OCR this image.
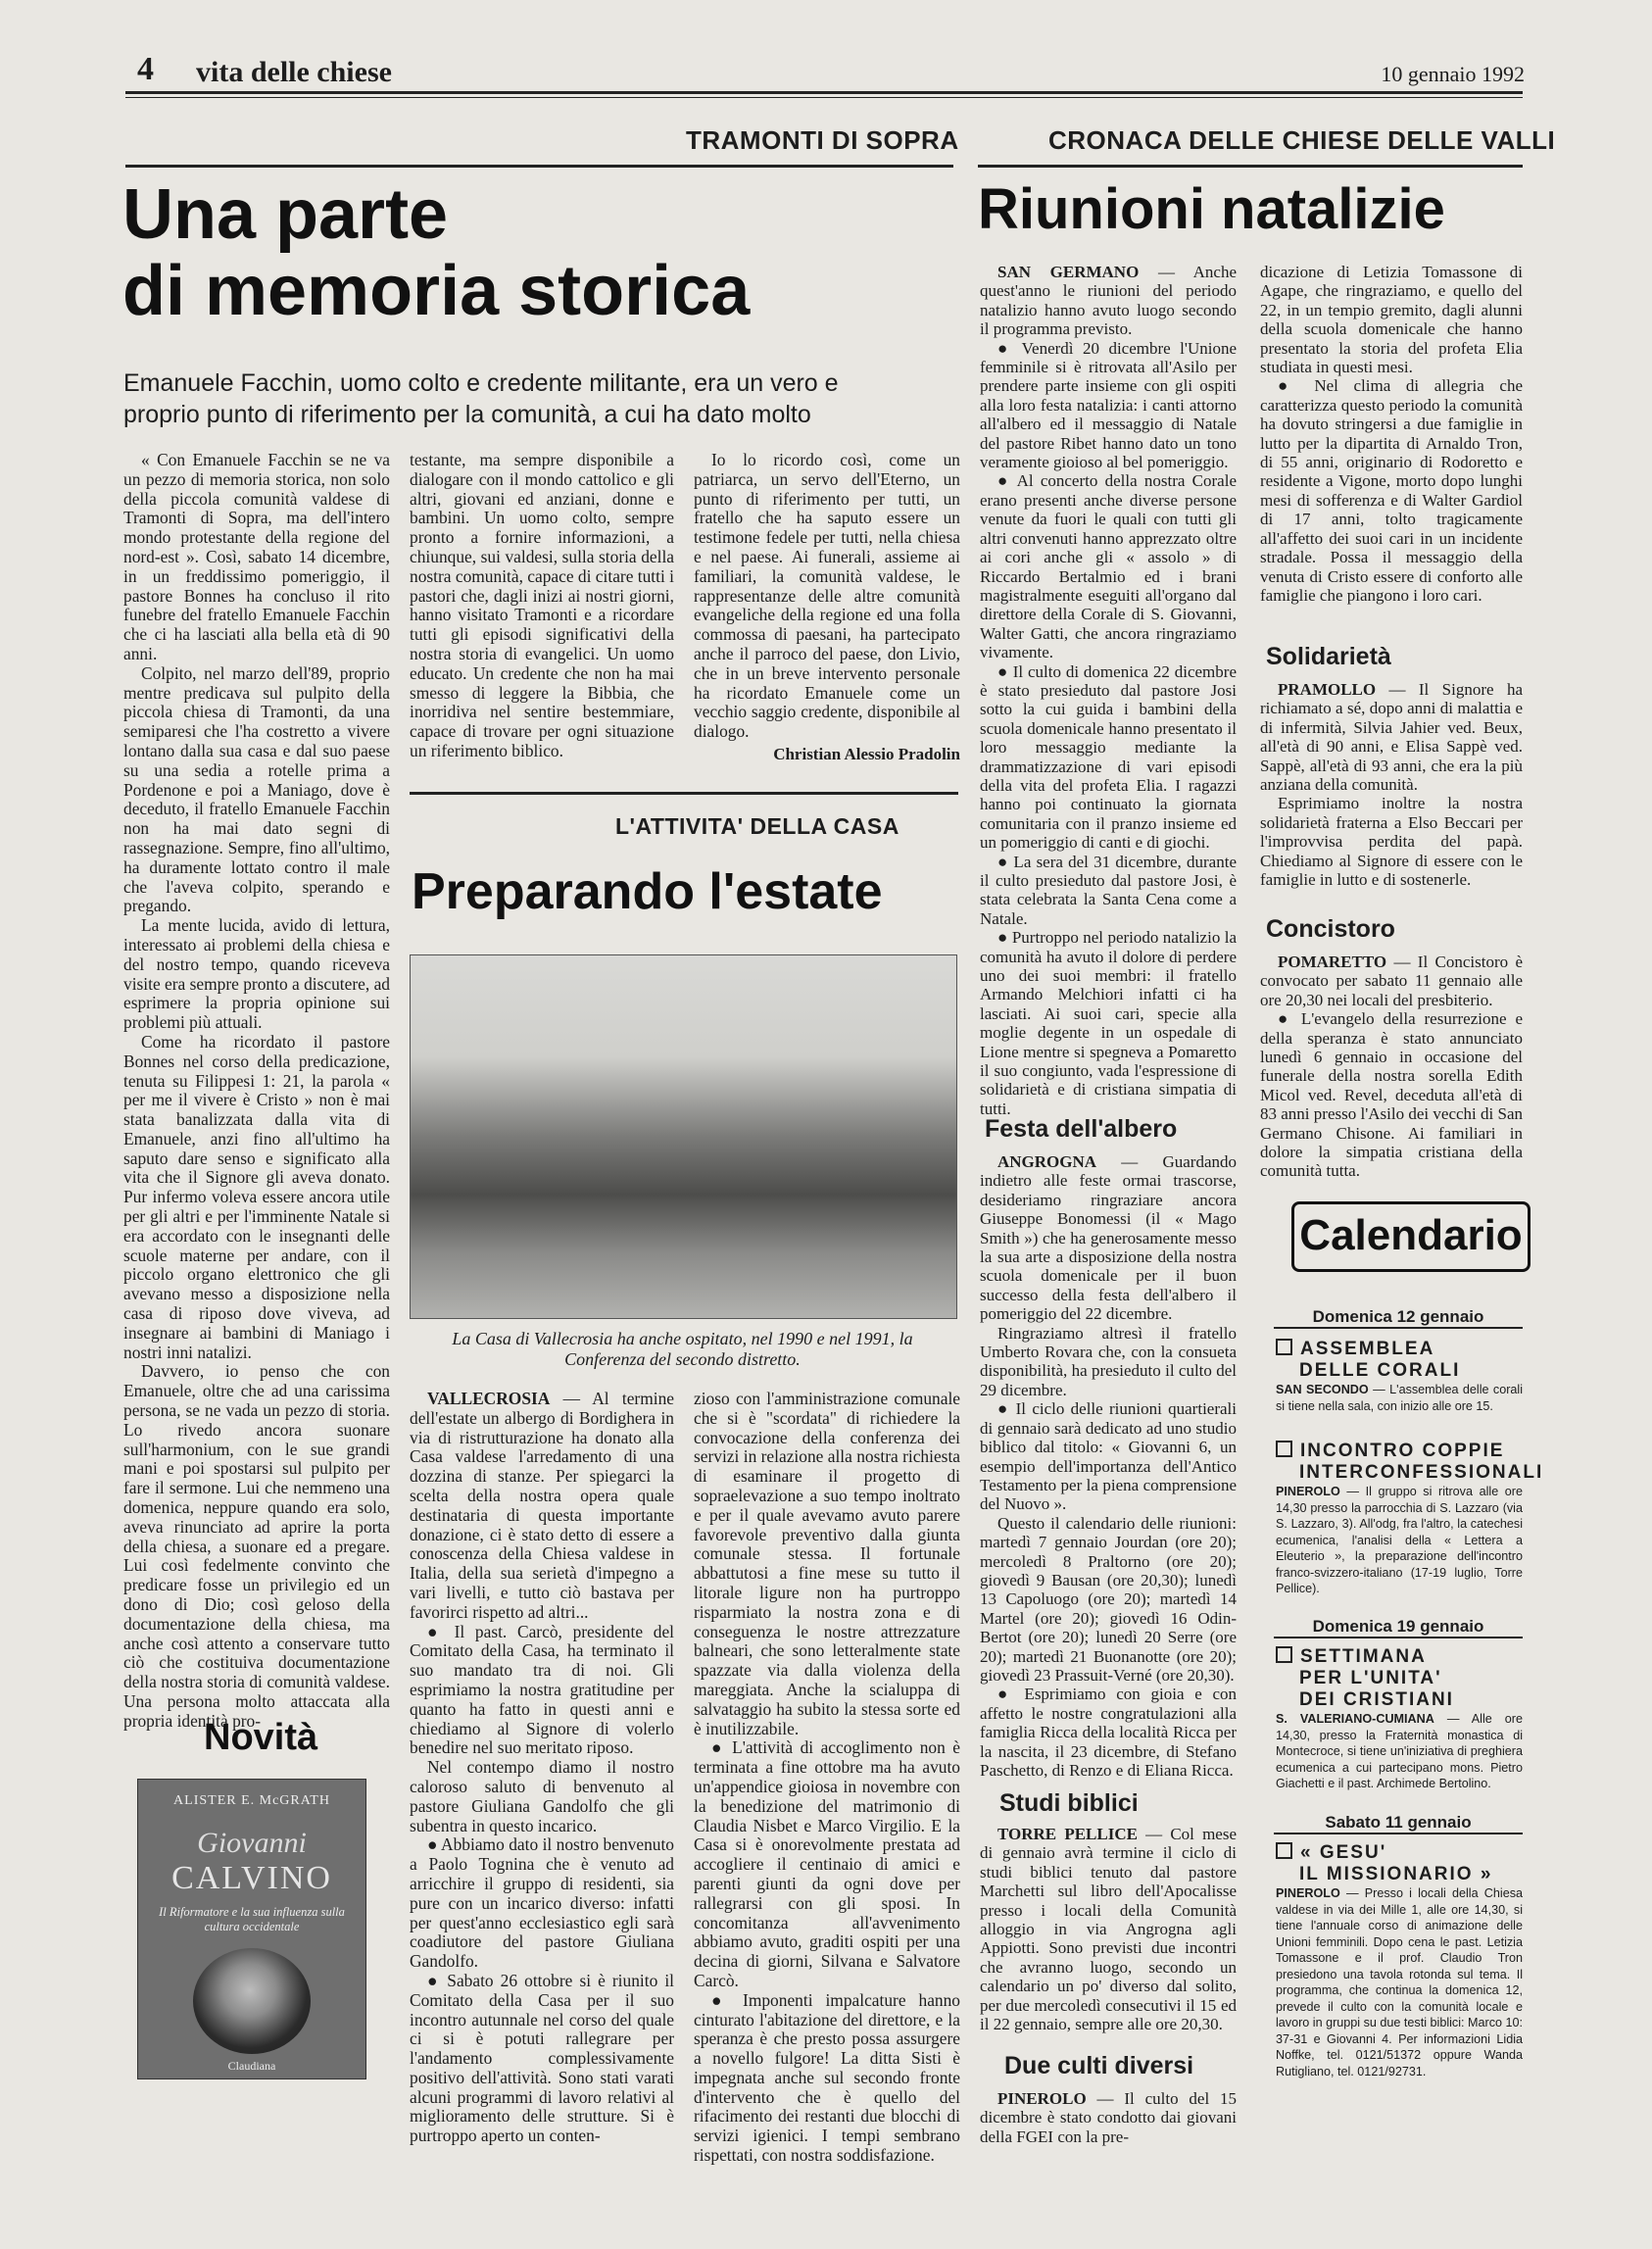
4 vita delle chiese	10 gennaio 1992
TRAMONTI DI SOPRA
Una parte
di memoria storica
Emanuele Facchin, uomo colto e credente militante, era un vero e
proprio punto di riferimento per la comunità, a cui ha dato molto

« Con Emanuele Facchin se ne va un pezzo di memoria storica, non solo della piccola comunità valdese di Tramonti di Sopra, ma dell'intero mondo protestante della regione del nord-est ». Così, sabato 14 dicembre, in un freddissimo pomeriggio, il pastore Bonnes ha concluso il rito funebre del fratello Emanuele Facchin che ci ha lasciati alla bella età di 90 anni.

Colpito, nel marzo dell'89, proprio mentre predicava sul pulpito della piccola chiesa di Tramonti, da una semiparesi che l'ha costretto a vivere lontano dalla sua casa e dal suo paese su una sedia a rotelle prima a Pordenone e poi a Maniago, dove è deceduto, il fratello Emanuele Facchin non ha mai dato segni di rassegnazione. Sempre, fino all'ultimo, ha duramente lottato contro il male che l'aveva colpito, sperando e pregando.

La mente lucida, avido di lettura, interessato ai problemi della chiesa e del nostro tempo, quando riceveva visite era sempre pronto a discutere, ad esprimere la propria opinione sui problemi più attuali.

Come ha ricordato il pastore Bonnes nel corso della predicazione, tenuta su Filippesi 1: 21, la parola « per me il vivere è Cristo » non è mai stata banalizzata dalla vita di Emanuele, anzi fino all'ultimo ha saputo dare senso e significato alla vita che il Signore gli aveva donato. Pur infermo voleva essere ancora utile per gli altri e per l'imminente Natale si era accordato con le insegnanti delle scuole materne per andare, con il piccolo organo elettronico che gli avevano messo a disposizione nella casa di riposo dove viveva, ad insegnare ai bambini di Maniago i nostri inni natalizi.

Davvero, io penso che con Emanuele, oltre che ad una carissima persona, se ne vada un pezzo di storia. Lo rivedo ancora suonare sull'harmonium, con le sue grandi mani e poi spostarsi sul pulpito per fare il sermone. Lui che nemmeno una domenica, neppure quando era solo, aveva rinunciato ad aprire la porta della chiesa, a suonare ed a pregare. Lui così fedelmente convinto che predicare fosse un privilegio ed un dono di Dio; così geloso della documentazione della chiesa, ma anche così attento a conservare tutto ciò che costituiva documentazione della nostra storia di comunità valdese. Una persona molto attaccata alla propria identità pro-

testante, ma sempre disponibile a dialogare con il mondo cattolico e gli altri, giovani ed anziani, donne e bambini. Un uomo colto, sempre pronto a fornire informazioni, a chiunque, sui valdesi, sulla storia della nostra comunità, capace di citare tutti i pastori che, dagli inizi ai nostri giorni, hanno visitato Tramonti e a ricordare tutti gli episodi significativi della nostra storia di evangelici. Un uomo educato. Un credente che non ha mai smesso di leggere la Bibbia, che inorridiva nel sentire bestemmiare, capace di trovare per ogni situazione un riferimento biblico.

Io lo ricordo così, come un patriarca, un servo dell'Eterno, un punto di riferimento per tutti, un fratello che ha saputo essere un testimone fedele per tutti, nella chiesa e nel paese. Ai funerali, assieme ai familiari, la comunità valdese, le rappresentanze delle altre comunità evangeliche della regione ed una folla commossa di paesani, ha partecipato anche il parroco del paese, don Livio, che in un breve intervento personale ha ricordato Emanuele come un vecchio saggio credente, disponibile al dialogo.

Christian Alessio Pradolin
Novità
ALISTER E. McGRATH
Giovanni
CALVINO
Il Riformatore e la sua influenza sulla cultura occidentale
Claudiana
L'ATTIVITA' DELLA CASA
Preparando l'estate
La Casa di Vallecrosia ha anche ospitato, nel 1990 e nel 1991, la Conferenza del secondo distretto.

VALLECROSIA — Al termine dell'estate un albergo di Bordighera in via di ristrutturazione ha donato alla Casa valdese l'arredamento di una dozzina di stanze. Per spiegarci la scelta della nostra opera quale destinataria di questa importante donazione, ci è stato detto di essere a conoscenza della Chiesa valdese in Italia, della sua serietà d'impegno a vari livelli, e tutto ciò bastava per favorirci rispetto ad altri...

● Il past. Carcò, presidente del Comitato della Casa, ha terminato il suo mandato tra di noi. Gli esprimiamo la nostra gratitudine per quanto ha fatto in questi anni e chiediamo al Signore di volerlo benedire nel suo meritato riposo.

Nel contempo diamo il nostro caloroso saluto di benvenuto al pastore Giuliana Gandolfo che gli subentra in questo incarico.

● Abbiamo dato il nostro benvenuto a Paolo Tognina che è venuto ad arricchire il gruppo di residenti, sia pure con un incarico diverso: infatti per quest'anno ecclesiastico egli sarà coadiutore del pastore Giuliana Gandolfo.

● Sabato 26 ottobre si è riunito il Comitato della Casa per il suo incontro autunnale nel corso del quale ci si è potuti rallegrare per l'andamento complessivamente positivo dell'attività. Sono stati varati alcuni programmi di lavoro relativi al miglioramento delle strutture. Si è purtroppo aperto un conten-

zioso con l'amministrazione comunale che si è "scordata" di richiedere la convocazione della conferenza dei servizi in relazione alla nostra richiesta di esaminare il progetto di sopraelevazione a suo tempo inoltrato e per il quale avevamo avuto parere favorevole preventivo dalla giunta comunale stessa. Il fortunale abbattutosi a fine mese su tutto il litorale ligure non ha purtroppo risparmiato la nostra zona e di conseguenza le nostre attrezzature balneari, che sono letteralmente state spazzate via dalla violenza della mareggiata. Anche la scialuppa di salvataggio ha subito la stessa sorte ed è inutilizzabile.

● L'attività di accoglimento non è terminata a fine ottobre ma ha avuto un'appendice gioiosa in novembre con la benedizione del matrimonio di Claudia Nisbet e Marco Virgilio. E la Casa si è onorevolmente prestata ad accogliere il centinaio di amici e parenti giunti da ogni dove per rallegrarsi con gli sposi. In concomitanza all'avvenimento abbiamo avuto, graditi ospiti per una decina di giorni, Silvana e Salvatore Carcò.

● Imponenti impalcature hanno cinturato l'abitazione del direttore, e la speranza è che presto possa assurgere a novello fulgore! La ditta Sisti è impegnata anche sul secondo fronte d'intervento che è quello del rifacimento dei restanti due blocchi di servizi igienici. I tempi sembrano rispettati, con nostra soddisfazione.

CRONACA DELLE CHIESE DELLE VALLI
Riunioni natalizie

SAN GERMANO — Anche quest'anno le riunioni del periodo natalizio hanno avuto luogo secondo il programma previsto.

● Venerdì 20 dicembre l'Unione femminile si è ritrovata all'Asilo per prendere parte insieme con gli ospiti alla loro festa natalizia: i canti attorno all'albero ed il messaggio di Natale del pastore Ribet hanno dato un tono veramente gioioso al bel pomeriggio.

● Al concerto della nostra Corale erano presenti anche diverse persone venute da fuori le quali con tutti gli altri convenuti hanno apprezzato oltre ai cori anche gli « assolo » di Riccardo Bertalmio ed i brani magistralmente eseguiti all'organo dal direttore della Corale di S. Giovanni, Walter Gatti, che ancora ringraziamo vivamente.

● Il culto di domenica 22 dicembre è stato presieduto dal pastore Josi sotto la cui guida i bambini della scuola domenicale hanno presentato il loro messaggio mediante la drammatizzazione di vari episodi della vita del profeta Elia. I ragazzi hanno poi continuato la giornata comunitaria con il pranzo insieme ed un pomeriggio di canti e di giochi.

● La sera del 31 dicembre, durante il culto presieduto dal pastore Josi, è stata celebrata la Santa Cena come a Natale.

● Purtroppo nel periodo natalizio la comunità ha avuto il dolore di perdere uno dei suoi membri: il fratello Armando Melchiori infatti ci ha lasciati. Ai suoi cari, specie alla moglie degente in un ospedale di Lione mentre si spegneva a Pomaretto il suo congiunto, vada l'espressione di solidarietà e di cristiana simpatia di tutti.

Festa dell'albero

ANGROGNA — Guardando indietro alle feste ormai trascorse, desideriamo ringraziare ancora Giuseppe Bonomessi (il « Mago Smith ») che ha generosamente messo la sua arte a disposizione della nostra scuola domenicale per il buon successo della festa dell'albero il pomeriggio del 22 dicembre.

Ringraziamo altresì il fratello Umberto Rovara che, con la consueta disponibilità, ha presieduto il culto del 29 dicembre.

● Il ciclo delle riunioni quartierali di gennaio sarà dedicato ad uno studio biblico dal titolo: « Giovanni 6, un esempio dell'importanza dell'Antico Testamento per la piena comprensione del Nuovo ».

Questo il calendario delle riunioni: martedì 7 gennaio Jourdan (ore 20); mercoledì 8 Praltorno (ore 20); giovedì 9 Bausan (ore 20,30); lunedì 13 Capoluogo (ore 20); martedì 14 Martel (ore 20); giovedì 16 Odin-Bertot (ore 20); lunedì 20 Serre (ore 20); martedì 21 Buonanotte (ore 20); giovedì 23 Prassuit-Verné (ore 20,30).

● Esprimiamo con gioia e con affetto le nostre congratulazioni alla famiglia Ricca della località Ricca per la nascita, il 23 dicembre, di Stefano Paschetto, di Renzo e di Eliana Ricca.

Studi biblici

TORRE PELLICE — Col mese di gennaio avrà termine il ciclo di studi biblici tenuto dal pastore Marchetti sul libro dell'Apocalisse presso i locali della Comunità alloggio in via Angrogna agli Appiotti. Sono previsti due incontri che avranno luogo, secondo un calendario un po' diverso dal solito, per due mercoledì consecutivi il 15 ed il 22 gennaio, sempre alle ore 20,30.

Due culti diversi

PINEROLO — Il culto del 15 dicembre è stato condotto dai giovani della FGEI con la pre-

dicazione di Letizia Tomassone di Agape, che ringraziamo, e quello del 22, in un tempio gremito, dagli alunni della scuola domenicale che hanno presentato la storia del profeta Elia studiata in questi mesi.

● Nel clima di allegria che caratterizza questo periodo la comunità ha dovuto stringersi a due famiglie in lutto per la dipartita di Arnaldo Tron, di 55 anni, originario di Rodoretto e residente a Vigone, morto dopo lunghi mesi di sofferenza e di Walter Gardiol di 17 anni, tolto tragicamente all'affetto dei suoi cari in un incidente stradale. Possa il messaggio della venuta di Cristo essere di conforto alle famiglie che piangono i loro cari.

Solidarietà

PRAMOLLO — Il Signore ha richiamato a sé, dopo anni di malattia e di infermità, Silvia Jahier ved. Beux, all'età di 90 anni, e Elisa Sappè ved. Sappè, all'età di 93 anni, che era la più anziana della comunità.

Esprimiamo inoltre la nostra solidarietà fraterna a Elso Beccari per l'improvvisa perdita del papà. Chiediamo al Signore di essere con le famiglie in lutto e di sostenerle.

Concistoro

POMARETTO — Il Concistoro è convocato per sabato 11 gennaio alle ore 20,30 nei locali del presbiterio.

● L'evangelo della resurrezione e della speranza è stato annunciato lunedì 6 gennaio in occasione del funerale della nostra sorella Edith Micol ved. Revel, deceduta all'età di 83 anni presso l'Asilo dei vecchi di San Germano Chisone. Ai familiari in dolore la simpatia cristiana della comunità tutta.

Calendario
Domenica 12 gennaio
ASSEMBLEA
DELLE CORALI
SAN SECONDO — L'assemblea delle corali si tiene nella sala, con inizio alle ore 15.
INCONTRO COPPIE
INTERCONFESSIONALI
PINEROLO — Il gruppo si ritrova alle ore 14,30 presso la parrocchia di S. Lazzaro (via S. Lazzaro, 3). All'odg, fra l'altro, la catechesi ecumenica, l'analisi della « Lettera a Eleuterio », la preparazione dell'incontro franco-svizzero-italiano (17-19 luglio, Torre Pellice).
Domenica 19 gennaio
SETTIMANA
PER L'UNITA'
DEI CRISTIANI
S. VALERIANO-CUMIANA — Alle ore 14,30, presso la Fraternità monastica di Montecroce, si tiene un'iniziativa di preghiera ecumenica a cui partecipano mons. Pietro Giachetti e il past. Archimede Bertolino.
Sabato 11 gennaio
« GESU'
IL MISSIONARIO »
PINEROLO — Presso i locali della Chiesa valdese in via dei Mille 1, alle ore 14,30, si tiene l'annuale corso di animazione delle Unioni femminili. Dopo cena le past. Letizia Tomassone e il prof. Claudio Tron presiedono una tavola rotonda sul tema. Il programma, che continua la domenica 12, prevede il culto con la comunità locale e lavoro in gruppi su due testi biblici: Marco 10: 37-31 e Giovanni 4. Per informazioni Lidia Noffke, tel. 0121/51372 oppure Wanda Rutigliano, tel. 0121/92731.
